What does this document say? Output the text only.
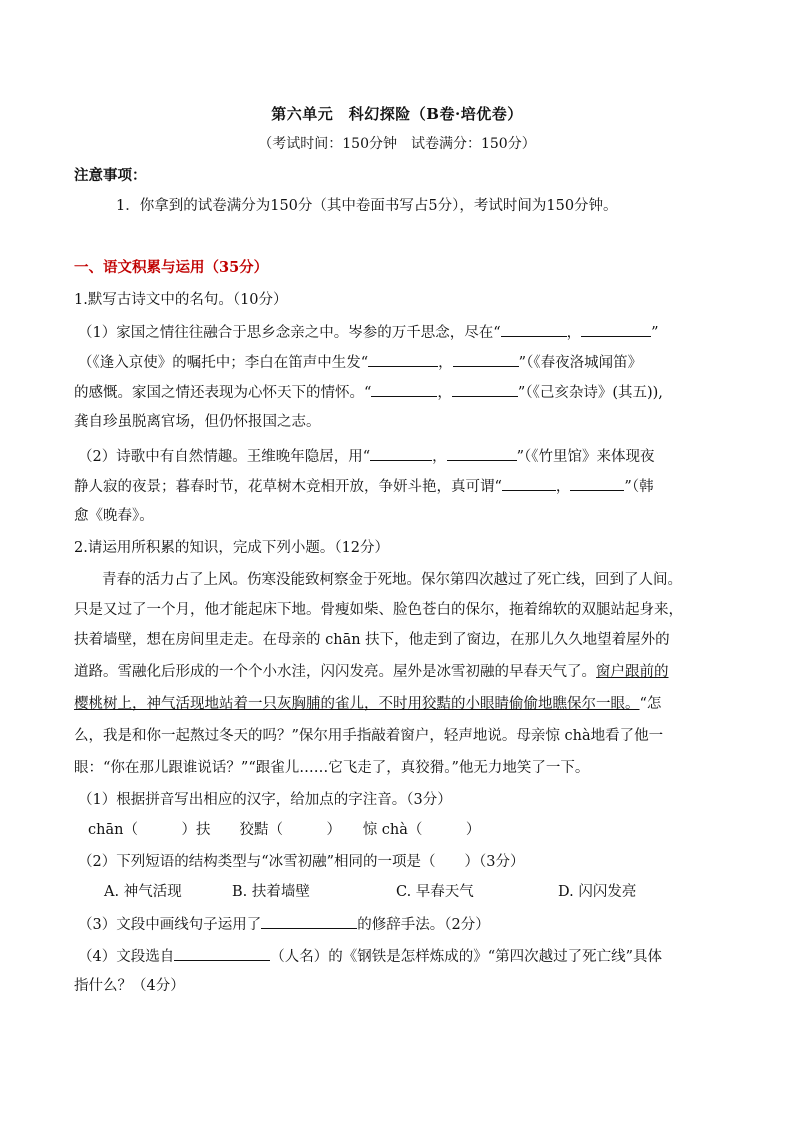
第六单元　科幻探险（B卷·培优卷）
（考试时间：150分钟　试卷满分：150分）
注意事项：
1．你拿到的试卷满分为150分（其中卷面书写占5分），考试时间为150分钟。
一、语文积累与运用（35分）
1.默写古诗文中的名句。（10分）
（1）家国之情往往融合于思乡念亲之中。岑参的万千思念，尽在“	，	”
（《逢入京使》的嘱托中；李白在笛声中生发“	，	”（《春夜洛城闻笛》
的感慨。家国之情还表现为心怀天下的情怀。“	，	”（《己亥杂诗》(其五)),
龚自珍虽脱离官场，但仍怀报国之志。
（2）诗歌中有自然情趣。王维晚年隐居，用“	，	”（《竹里馆》来体现夜
静人寂的夜景；暮春时节，花草树木竞相开放，争妍斗艳，真可谓“	，	”（韩
愈《晚春》。
2.请运用所积累的知识，完成下列小题。（12分）
青春的活力占了上风。伤寒没能致柯察金于死地。保尔第四次越过了死亡线，回到了人间。
只是又过了一个月，他才能起床下地。骨瘦如柴、脸色苍白的保尔，拖着绵软的双腿站起身来，
扶着墙壁，想在房间里走走。在母亲的 chān 扶下，他走到了窗边，在那儿久久地望着屋外的
道路。雪融化后形成的一个个小水洼，闪闪发亮。屋外是冰雪初融的早春天气了。窗户跟前的
樱桃树上，神气活现地站着一只灰胸脯的雀儿，不时用狡黠的小眼睛偷偷地瞧保尔一眼。“怎
么，我是和你一起熬过冬天的吗？”保尔用手指敲着窗户，轻声地说。母亲惊 chà地看了他一
眼：“你在那儿跟谁说话？”“跟雀儿……它飞走了，真狡猾。”他无力地笑了一下。
（1）根据拼音写出相应的汉字，给加点的字注音。（3分）
chān（　　　）扶　　狡黠（　　　）　　惊 chà（　　　）
（2）下列短语的结构类型与“冰雪初融”相同的一项是（　　）（3分）
A. 神气活现	B. 扶着墙壁	C. 早春天气	D. 闪闪发亮
（3）文段中画线句子运用了	的修辞手法。（2分）
（4）文段选自	（人名）的《钢铁是怎样炼成的》“第四次越过了死亡线”具体
指什么？（4分）
